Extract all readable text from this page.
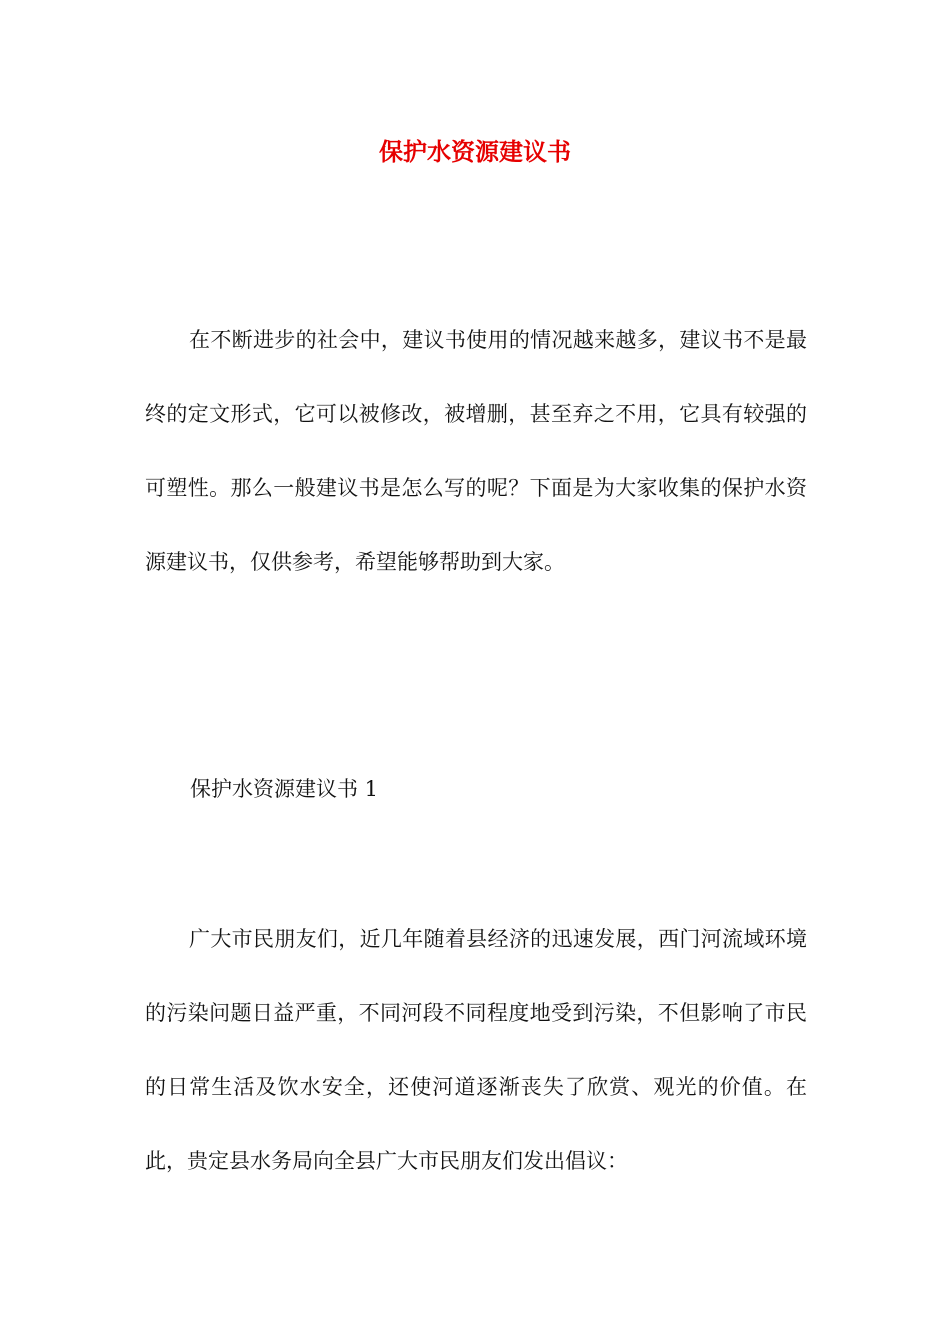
保护水资源建议书

在不断进步的社会中，建议书使用的情况越来越多，建议书不是最终的定文形式，它可以被修改，被增删，甚至弃之不用，它具有较强的可塑性。那么一般建议书是怎么写的呢？下面是为大家收集的保护水资源建议书，仅供参考，希望能够帮助到大家。

保护水资源建议书 1

广大市民朋友们，近几年随着县经济的迅速发展，西门河流域环境的污染问题日益严重，不同河段不同程度地受到污染，不但影响了市民的日常生活及饮水安全，还使河道逐渐丧失了欣赏、观光的价值。在此，贵定县水务局向全县广大市民朋友们发出倡议：
